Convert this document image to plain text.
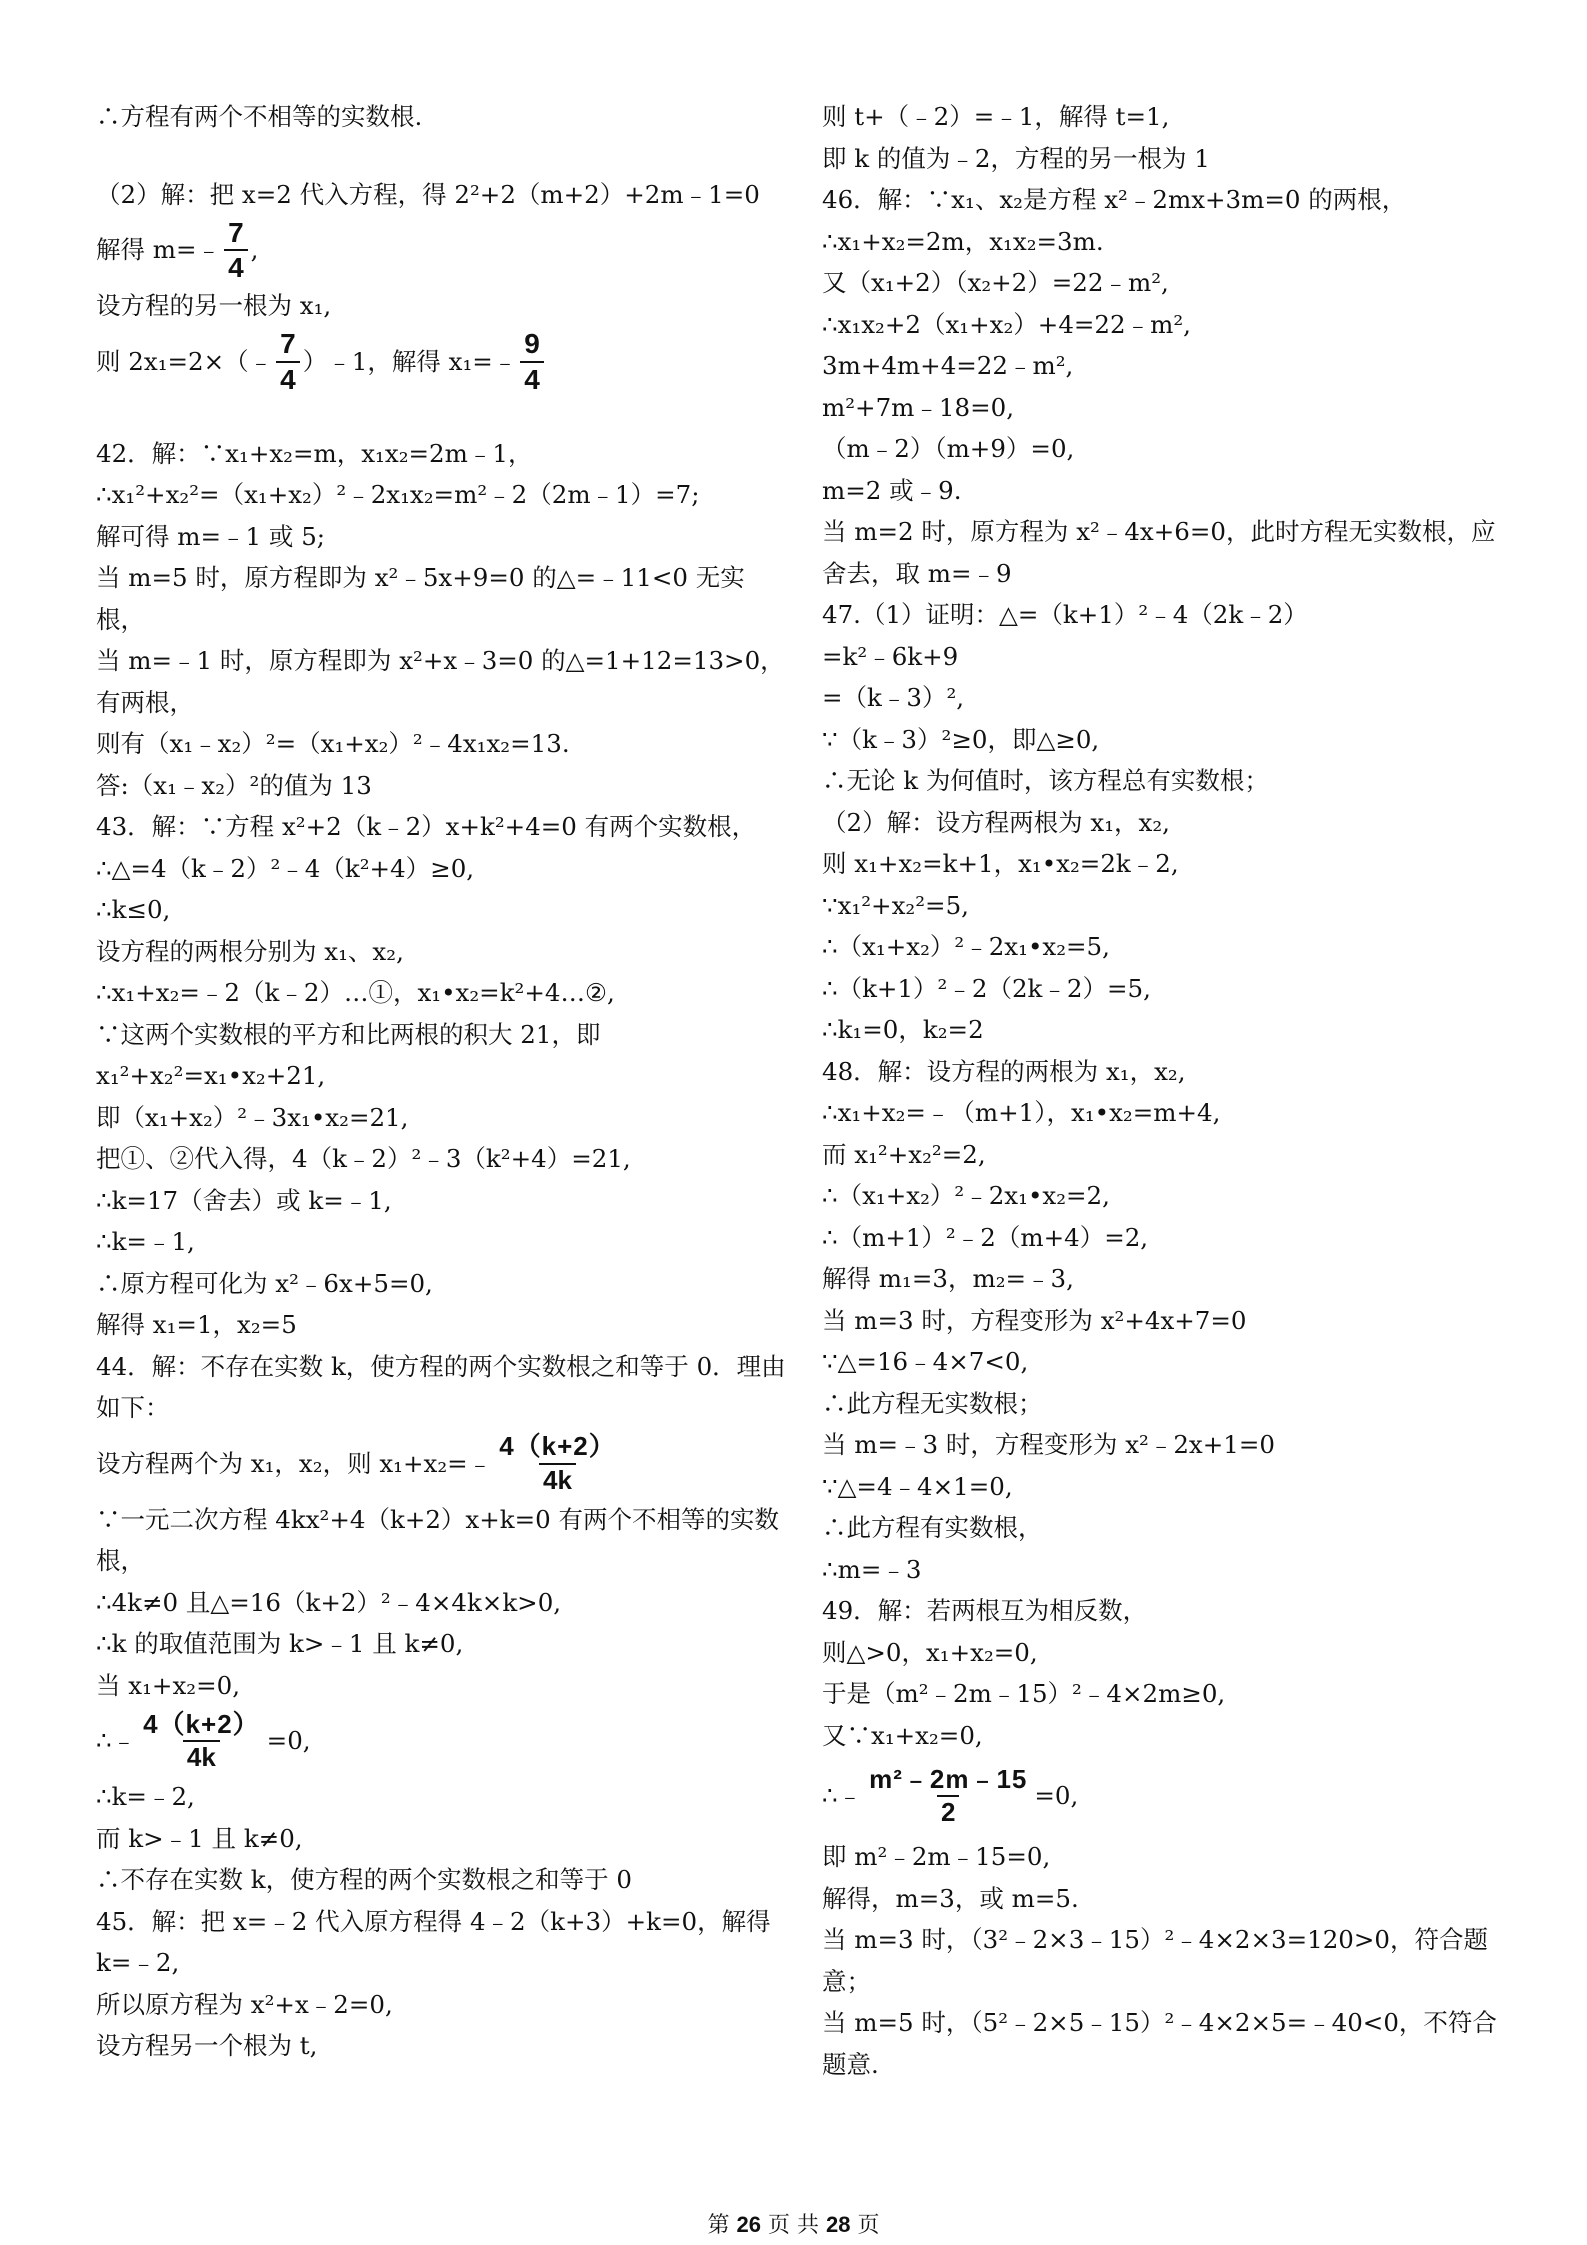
∴方程有两个不相等的实数根.
（2）解：把 x=2 代入方程，得 2²+2（m+2）+2m﹣1=0
解得 m=﹣ $\frac{7}{4}$ ,
设方程的另一根为 x₁,
则 2x₁=2×（﹣ $\frac{7}{4}$ ）﹣1，解得 x₁=﹣ $\frac{9}{4}$
42．解：∵x₁+x₂=m，x₁x₂=2m﹣1，
∴x₁²+x₂²=（x₁+x₂）²﹣2x₁x₂=m²﹣2（2m﹣1）=7;
解可得 m=﹣1 或 5;
当 m=5 时，原方程即为 x²﹣5x+9=0 的△=﹣11<0 无实根，
当 m=﹣1 时，原方程即为 x²+x﹣3=0 的△=1+12=13>0，有两根，
则有（x₁﹣x₂）²=（x₁+x₂）²﹣4x₁x₂=13.
答:（x₁﹣x₂）²的值为 13
43．解：∵方程 x²+2（k﹣2）x+k²+4=0 有两个实数根，
∴△=4（k﹣2）²﹣4（k²+4）≥0,
∴k≤0,
设方程的两根分别为 x₁、x₂,
∴x₁+x₂=﹣2（k﹣2）…①，x₁•x₂=k²+4…②,
∵这两个实数根的平方和比两根的积大 21，即 x₁²+x₂²=x₁•x₂+21,
即（x₁+x₂）²﹣3x₁•x₂=21,
把①、②代入得，4（k﹣2）²﹣3（k²+4）=21,
∴k=17（舍去）或 k=﹣1,
∴k=﹣1,
∴原方程可化为 x²﹣6x+5=0,
解得 x₁=1，x₂=5
44．解：不存在实数 k，使方程的两个实数根之和等于 0．理由如下：
设方程两个为 x₁，x₂，则 x₁+x₂=﹣ $\frac{4(k+2)}{4k}$
∵一元二次方程 4kx²+4（k+2）x+k=0 有两个不相等的实数根，
∴4k≠0 且△=16（k+2）²﹣4×4k×k>0,
∴k 的取值范围为 k>﹣1 且 k≠0,
当 x₁+x₂=0,
∴﹣ $\frac{4(k+2)}{4k} =0$,
∴k=﹣2,
而 k>﹣1 且 k≠0,
∴不存在实数 k，使方程的两个实数根之和等于 0
45．解：把 x=﹣2 代入原方程得 4﹣2（k+3）+k=0，解得 k=﹣2,
所以原方程为 x²+x﹣2=0,
设方程另一个根为 t,
则 t+（﹣2）=﹣1，解得 t=1,
即 k 的值为﹣2，方程的另一根为 1
46．解：∵x₁、x₂是方程 x²﹣2mx+3m=0 的两根，
∴x₁+x₂=2m，x₁x₂=3m.
又（x₁+2）（x₂+2）=22﹣m²,
∴x₁x₂+2（x₁+x₂）+4=22﹣m²,
3m+4m+4=22﹣m²,
m²+7m﹣18=0,
（m﹣2）（m+9）=0,
m=2 或﹣9.
当 m=2 时，原方程为 x²﹣4x+6=0，此时方程无实数根，应舍去，取 m=﹣9
47.（1）证明：△=（k+1）²﹣4（2k﹣2）
=k²﹣6k+9
=（k﹣3）²,
∵（k﹣3）²≥0，即△≥0,
∴无论 k 为何值时，该方程总有实数根；
（2）解：设方程两根为 x₁，x₂,
则 x₁+x₂=k+1，x₁•x₂=2k﹣2,
∵x₁²+x₂²=5,
∴（x₁+x₂）²﹣2x₁•x₂=5,
∴（k+1）²﹣2（2k﹣2）=5,
∴k₁=0，k₂=2
48．解：设方程的两根为 x₁，x₂,
∴x₁+x₂=﹣（m+1），x₁•x₂=m+4,
而 x₁²+x₂²=2,
∴（x₁+x₂）²﹣2x₁•x₂=2,
∴（m+1）²﹣2（m+4）=2,
解得 m₁=3，m₂=﹣3,
当 m=3 时，方程变形为 x²+4x+7=0
∵△=16﹣4×7<0,
∴此方程无实数根；
当 m=﹣3 时，方程变形为 x²﹣2x+1=0
∵△=4﹣4×1=0,
∴此方程有实数根，
∴m=﹣3
49．解：若两根互为相反数，
则△>0，x₁+x₂=0,
于是（m²﹣2m﹣15）²﹣4×2m≥0,
又∵x₁+x₂=0,
∴﹣ $\frac{\text{m²﹣2m﹣15}}{2} =0$,
即 m²﹣2m﹣15=0,
解得，m=3，或 m=5.
当 m=3 时，（3²﹣2×3﹣15）²﹣4×2×3=120>0，符合题意；
当 m=5 时，（5²﹣2×5﹣15）²﹣4×2×5=﹣40<0，不符合题意.
第 26 页 共 28 页
